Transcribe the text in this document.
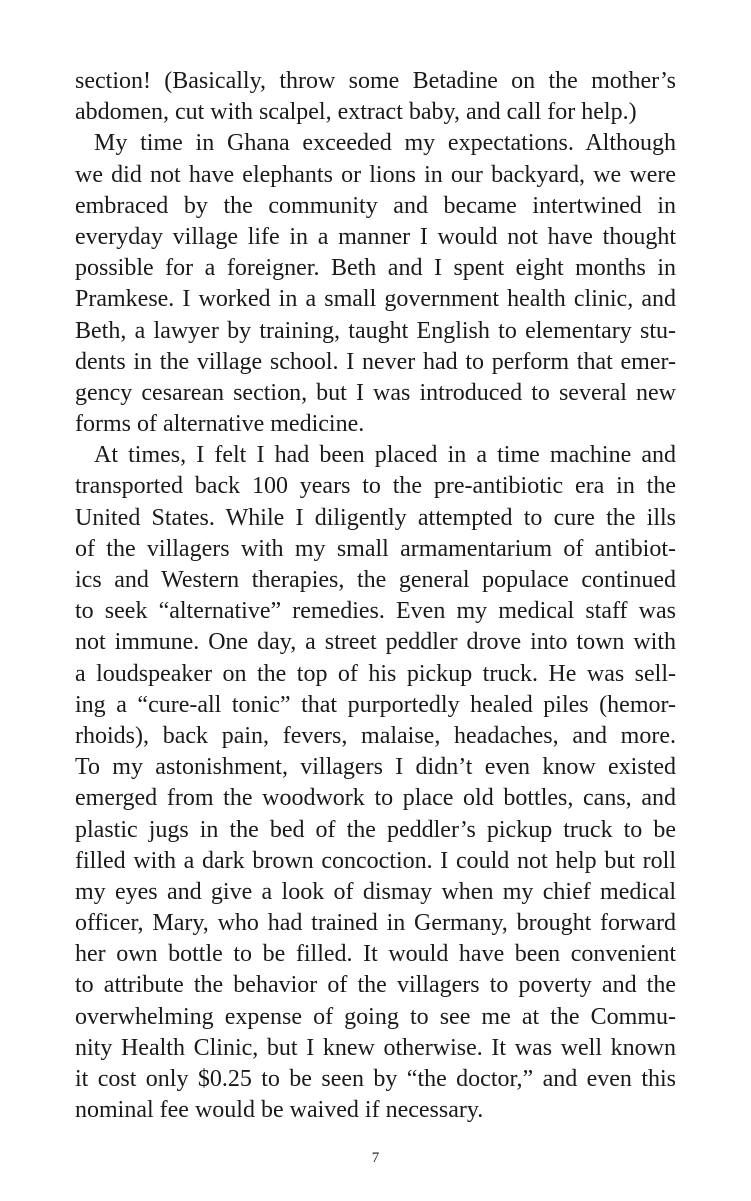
section! (Basically, throw some Betadine on the mother’s
abdomen, cut with scalpel, extract baby, and call for help.)

My time in Ghana exceeded my expectations. Although
we did not have elephants or lions in our backyard, we were
embraced by the community and became intertwined in
everyday village life in a manner I would not have thought
possible for a foreigner. Beth and I spent eight months in
Pramkese. I worked in a small government health clinic, and
Beth, a lawyer by training, taught English to elementary stu-
dents in the village school. I never had to perform that emer-
gency cesarean section, but I was introduced to several new
forms of alternative medicine.

At times, I felt I had been placed in a time machine and
transported back 100 years to the pre-antibiotic era in the
United States. While I diligently attempted to cure the ills
of the villagers with my small armamentarium of antibiot-
ics and Western therapies, the general populace continued
to seek “alternative” remedies. Even my medical staff was
not immune. One day, a street peddler drove into town with
a loudspeaker on the top of his pickup truck. He was sell-
ing a “cure-all tonic” that purportedly healed piles (hemor-
rhoids), back pain, fevers, malaise, headaches, and more.
To my astonishment, villagers I didn’t even know existed
emerged from the woodwork to place old bottles, cans, and
plastic jugs in the bed of the peddler’s pickup truck to be
filled with a dark brown concoction. I could not help but roll
my eyes and give a look of dismay when my chief medical
officer, Mary, who had trained in Germany, brought forward
her own bottle to be filled. It would have been convenient
to attribute the behavior of the villagers to poverty and the
overwhelming expense of going to see me at the Commu-
nity Health Clinic, but I knew otherwise. It was well known
it cost only $0.25 to be seen by “the doctor,” and even this
nominal fee would be waived if necessary.

7
